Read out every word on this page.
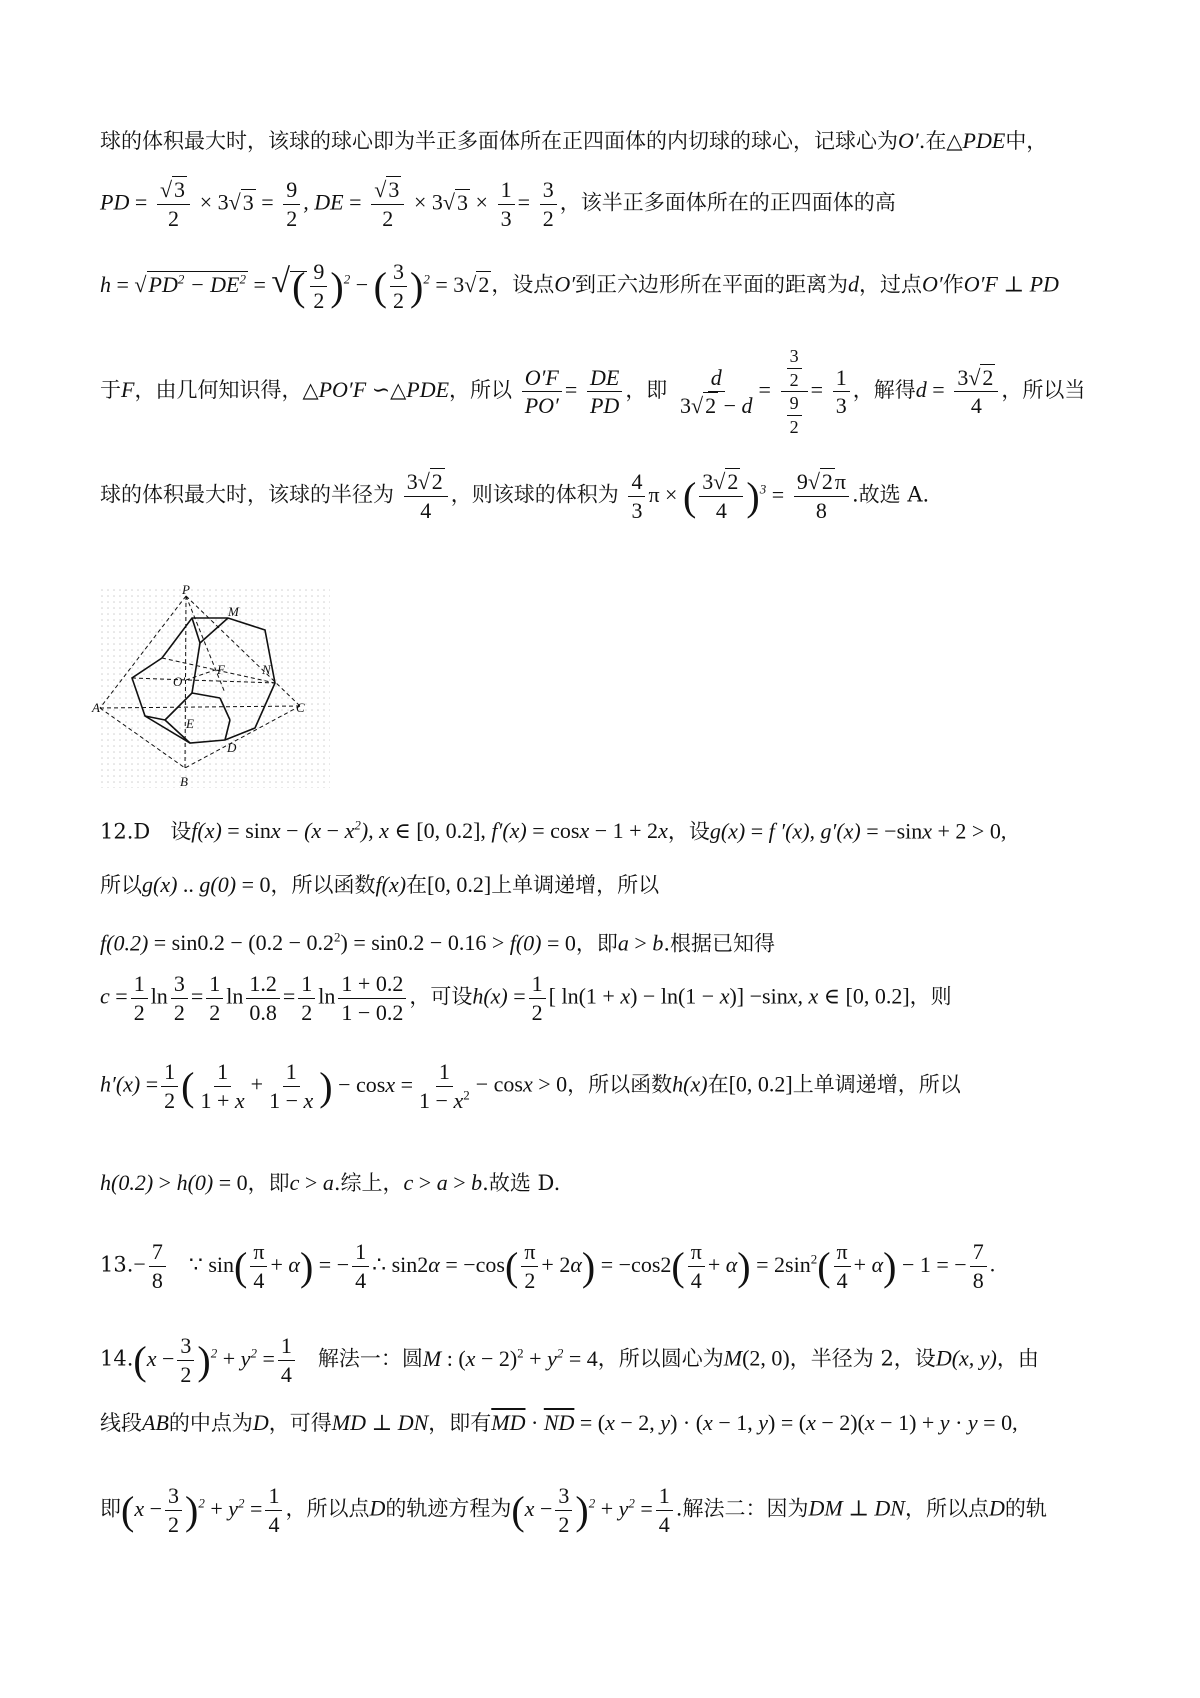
球的体积最大时，该球的球心即为半正多面体所在正四面体的内切球的球心，记球心为O′.在△PDE中，
PD = $\frac{√3}{2} \times 3√3 = \frac{9}{2}$ , DE = $\frac{√3}{2} \times 3√3 \times \frac{1}{3} = \frac{3}{2}$ ，该半正多面体所在的正四面体的高
$h = √PD^2 - DE^2$ = √( $\frac{9}{2} )^2$ − ( $\frac{3}{2} )^2 = 3√2$，设点O′到正六边形所在平面的距离为d，过点O′作O′F ⊥ PD
于F，由几何知识得，△PO′F ∽△PDE，所以 $\frac{O'F}{PO'} = \frac{DE}{PD}$ ，即 $\frac{d}{3√2 - d} = \frac{\frac{3}{2}}{\frac{9}{2}} = \frac{1}{3}$ ，解得$d = \frac{3√2}{4}$ ，所以当
球的体积最大时，该球的半径为 $\frac{3√2}{4}$ ，则该球的体积为 $\frac{4}{3}$ π × ( $\frac{3√2}{4} )^3 = \frac{9√2\pi}{8}$ .故选 A.
P
M
F
O′
N
A	C
E
D
B
12.D 设$f(x) = \sin x - (x - x^2)$, x ∈ [0, 0.2], f′(x) = cosx − 1 + 2x，设g(x) = f ′(x), g′(x) = −sinx + 2 > 0,
所以g(x) .. g(0) = 0，所以函数f(x)在[0, 0.2]上单调递增，所以
$f(0.2) = \sin 0.2 - (0.2 - 0.2^2) = \sin 0.2 - 0.16 > f(0) = 0$，即a > b.根据已知得
$c = \frac{1}{2}$ $\ln \frac{3}{2} = \frac{1}{2}$ $\ln \frac{1.2}{0.8} = \frac{1}{2}$ $\ln \frac{1 + 0.2}{1 - 0.2}$ ，可设$h(x) = \frac{1}{2}$ [ ln(1 + x) − ln(1 − x)] −sinx, x ∈ [0, 0.2]，则
$h'(x) = \frac{1}{2}$ ( $\frac{1}{1 + x} + \frac{1}{1 - x}$ ) − $\cos x = \frac{1}{1 - x^2} - \cos x > 0$，所以函数h(x)在[0, 0.2]上单调递增，所以
h(0.2) > h(0) = 0，即c > a.综上，c > a > b.故选 D.
$13.- \frac{7}{8}$ ∵ $\sin( \frac{\pi}{4} + \alpha)$ = − $\frac{1}{4}$ ∴ $\sin 2\alpha = -\cos( \frac{\pi}{2} + 2\alpha) = -\cos 2( \frac{\pi}{4} + \alpha) = 2\sin^2( \frac{\pi}{4} + \alpha) - 1$ = − $\frac{7}{8}$ .
$14.(x - \frac{3}{2} )^2 + y^2 = \frac{1}{4}$ 解法一：圆M : $(x - 2)^2 + y^2 = 4$，所以圆心为M(2, 0)，半径为 2，设D(x, y)，由
线段AB的中点为D，可得MD ⊥ DN，即有$\overline{MD} \cdot \overline{ND} = (x - 2$, y) · (x − 1, y) = (x − 2)(x − 1) + y · y = 0,
即$(x - \frac{3}{2} )^2 + y^2 = \frac{1}{4}$ ，所以点D的轨迹方程为$(x - \frac{3}{2} )^2 + y^2 = \frac{1}{4}$ .解法二：因为DM ⊥ DN，所以点D的轨
